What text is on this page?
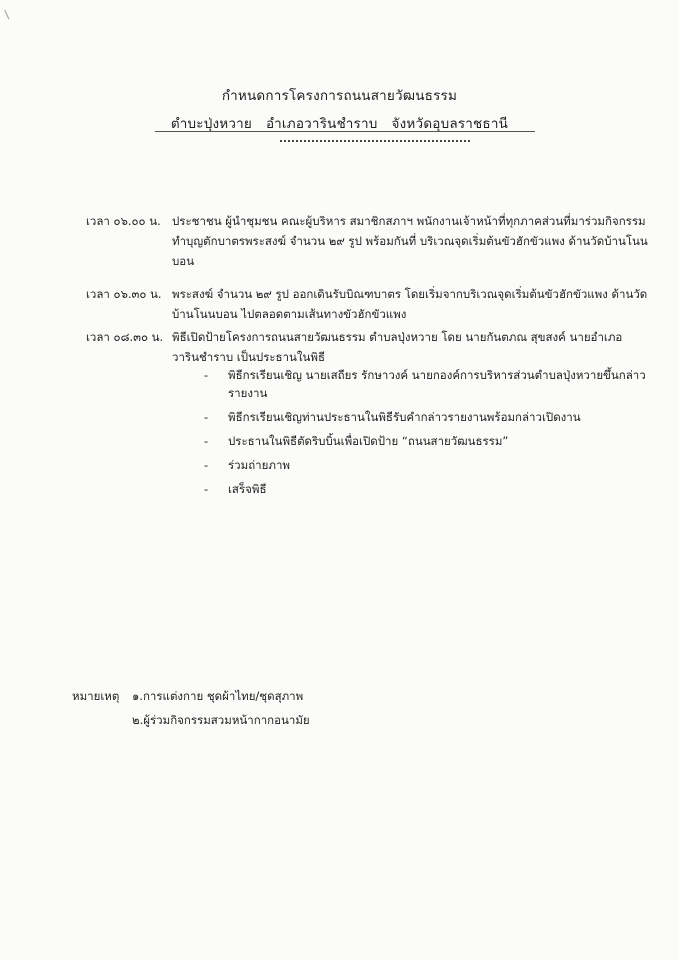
กำหนดการโครงการถนนสายวัฒนธรรม
ตำบะปุ่งหวาย อำเภอวารินชำราบ จังหวัดอุบลราชธานี
เวลา ๐๖.๐๐ น. ประชาชน ผู้นำชุมชน คณะผู้บริหาร สมาชิกสภาฯ พนักงานเจ้าหน้าที่ทุกภาคส่วนที่มาร่วมกิจกรรม ทำบุญตักบาตรพระสงฆ์ จำนวน ๒๙ รูป พร้อมกันที่ บริเวณจุดเริ่มต้นขัวฮักขัวแพง ด้านวัดบ้านโนนบอน
เวลา ๐๖.๓๐ น. พระสงฆ์ จำนวน ๒๙ รูป ออกเดินรับบิณฑบาตร โดยเริ่มจากบริเวณจุดเริ่มต้นขัวฮักขัวแพง ด้านวัดบ้านโนนบอน ไปตลอดตามเส้นทางขัวฮักขัวแพง
เวลา ๐๘.๓๐ น. พิธีเปิดป้ายโครงการถนนสายวัฒนธรรม ตำบลปุ่งหวาย โดย นายกันตภณ สุขสงค์ นายอำเภอวารินชำราบ เป็นประธานในพิธี
- พิธีกรเรียนเชิญ นายเสถียร รักษาวงค์ นายกองค์การบริหารส่วนตำบลปุ่งหวายขึ้นกล่าวรายงาน
- พิธีกรเรียนเชิญท่านประธานในพิธีรับคำกล่าวรายงานพร้อมกล่าวเปิดงาน
- ประธานในพิธีตัดริบบิ้นเพื่อเปิดป้าย “ถนนสายวัฒนธรรม”
- ร่วมถ่ายภาพ
- เสร็จพิธี
หมายเหตุ ๑.การแต่งกาย ชุดผ้าไทย/ชุดสุภาพ
๒.ผู้ร่วมกิจกรรมสวมหน้ากากอนามัย
